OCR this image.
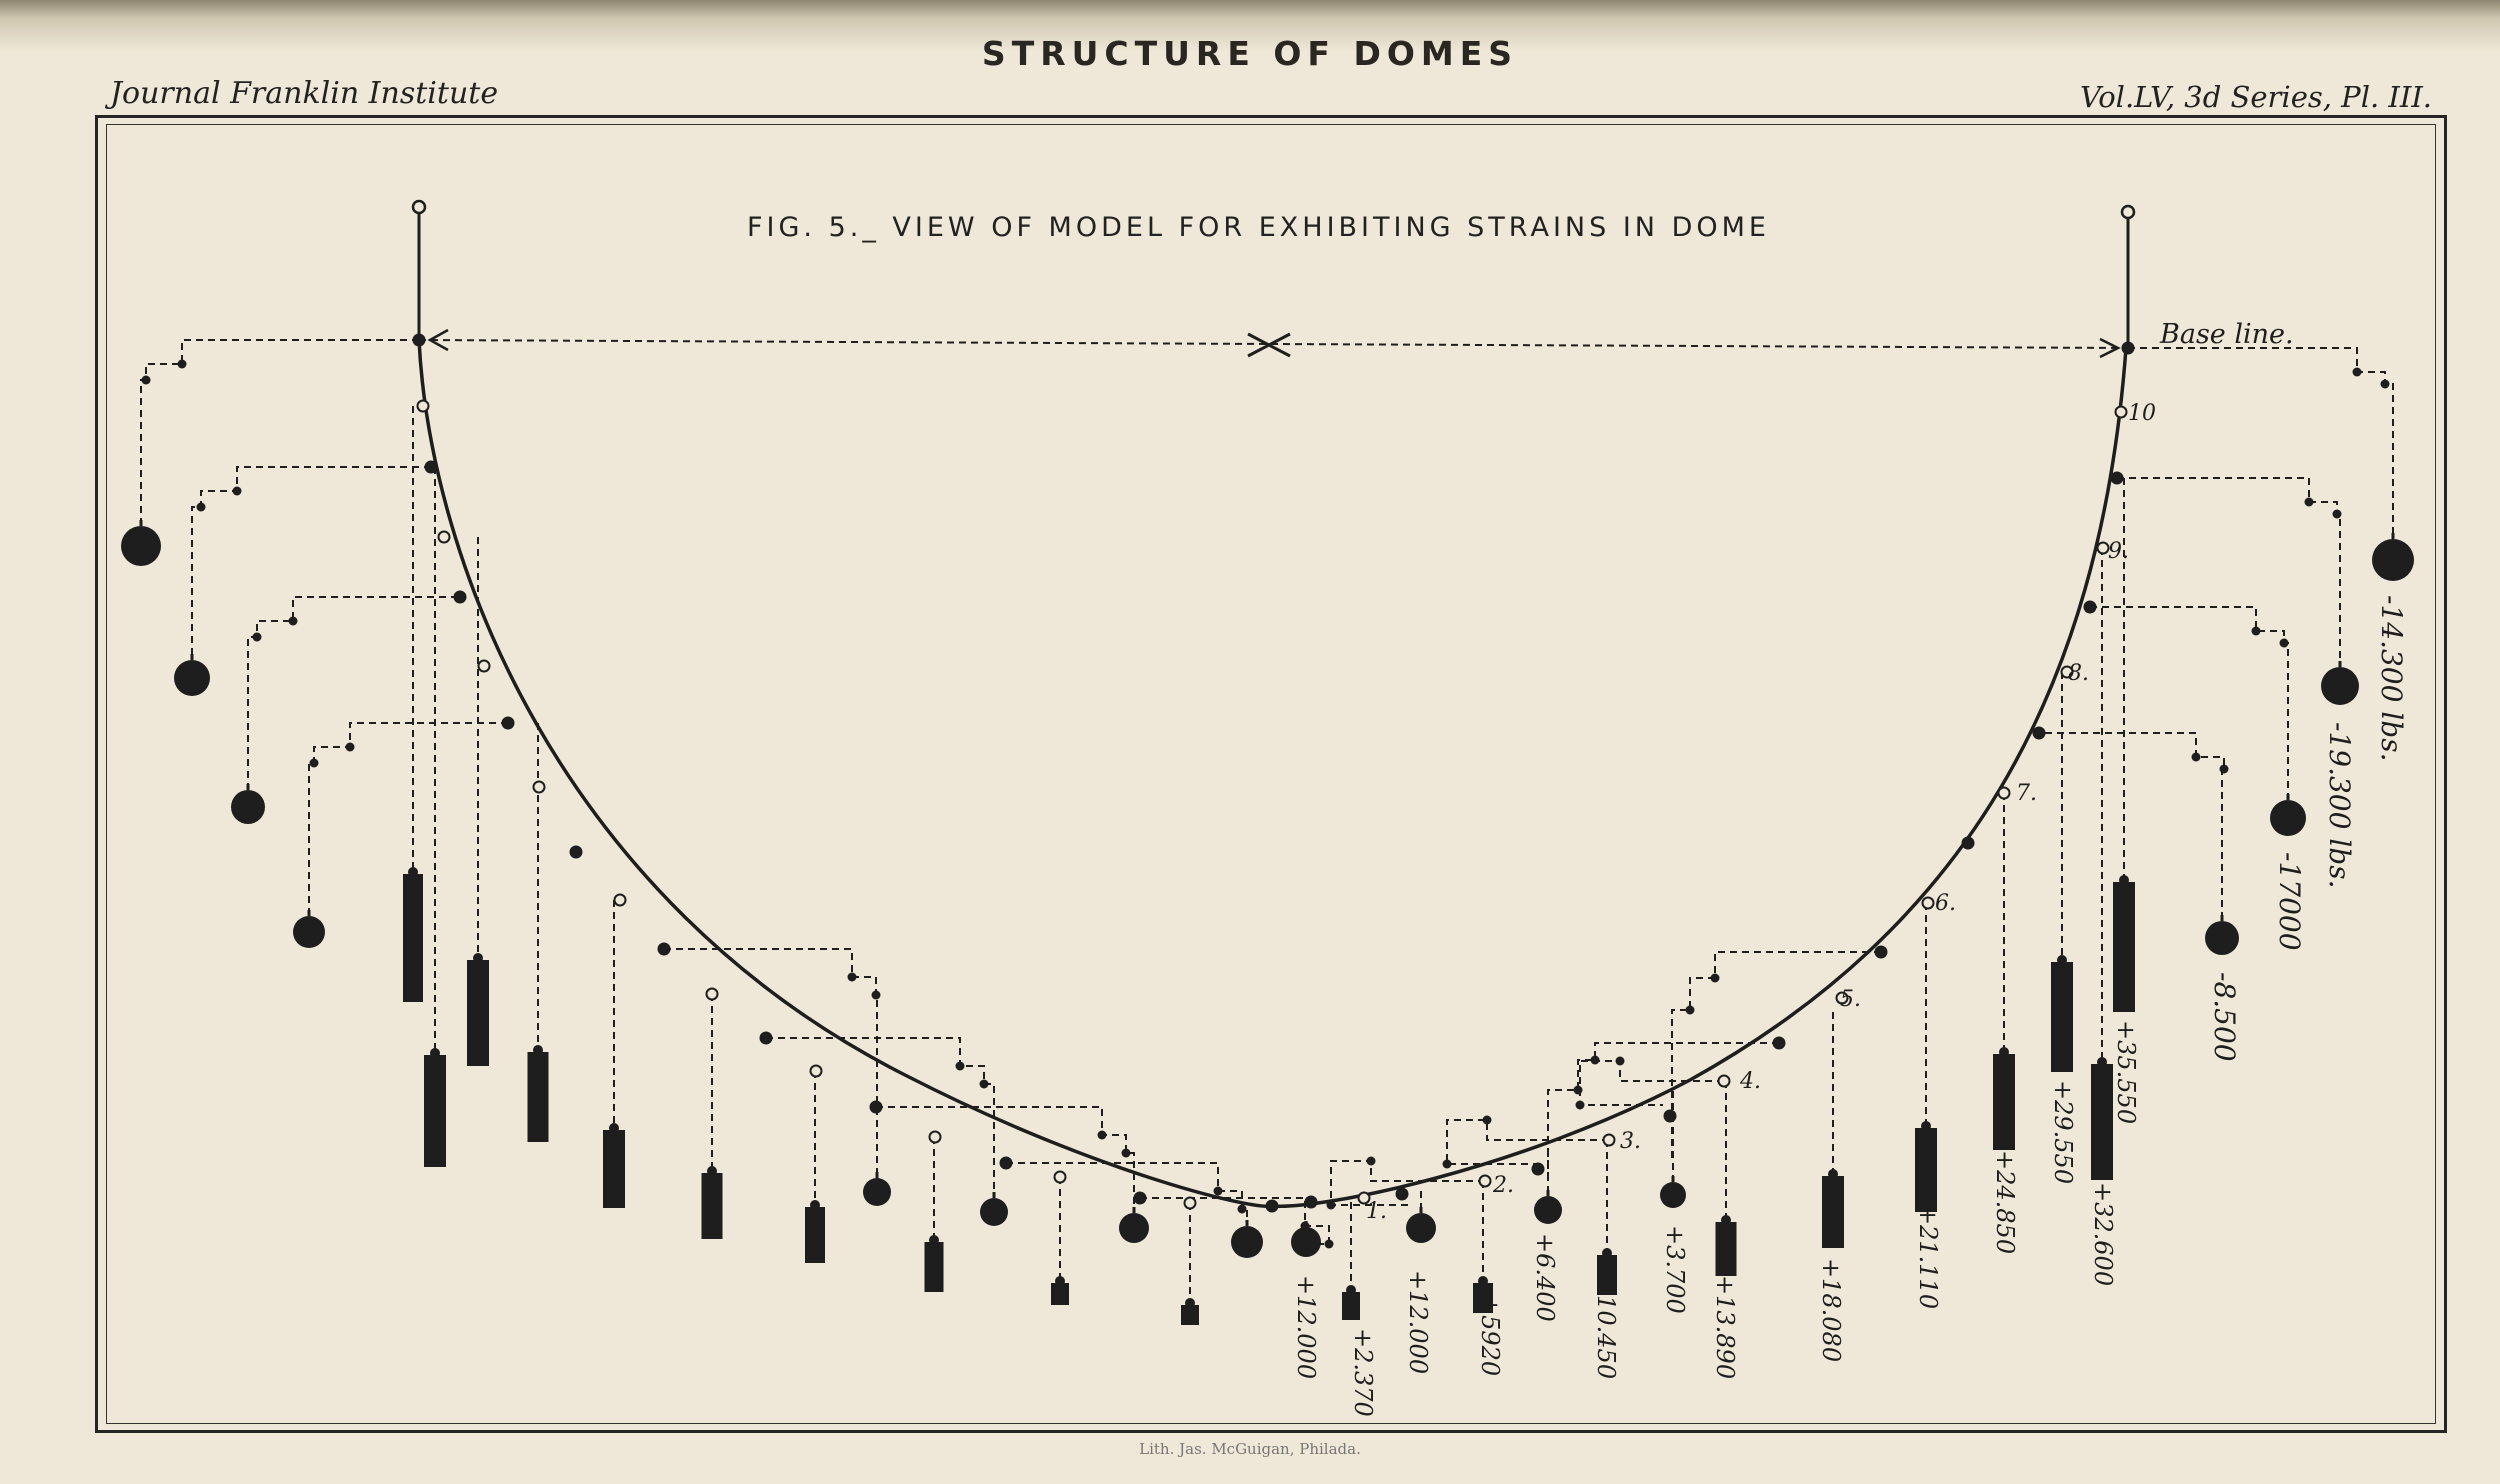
STRUCTURE OF DOMES
Journal Franklin Institute	Vol.LV, 3d Series, Pl. III.
FIG. 5._ VIEW OF MODEL FOR EXHIBITING STRAINS IN DOME
Base line.
-14.300 lbs.
-19.300 lbs.
-17000
-8.500
1.
2.
3.
4.
5.
6.
7.
8.
9.
10
+12.000 +2.370 +12.000 +5920
+6.400 +10.450
+3.700
+13.890	+18.080
+21.110
+24.850
+29.550
+32.600
+35.550
Lith. Jas. McGuigan, Philada.
